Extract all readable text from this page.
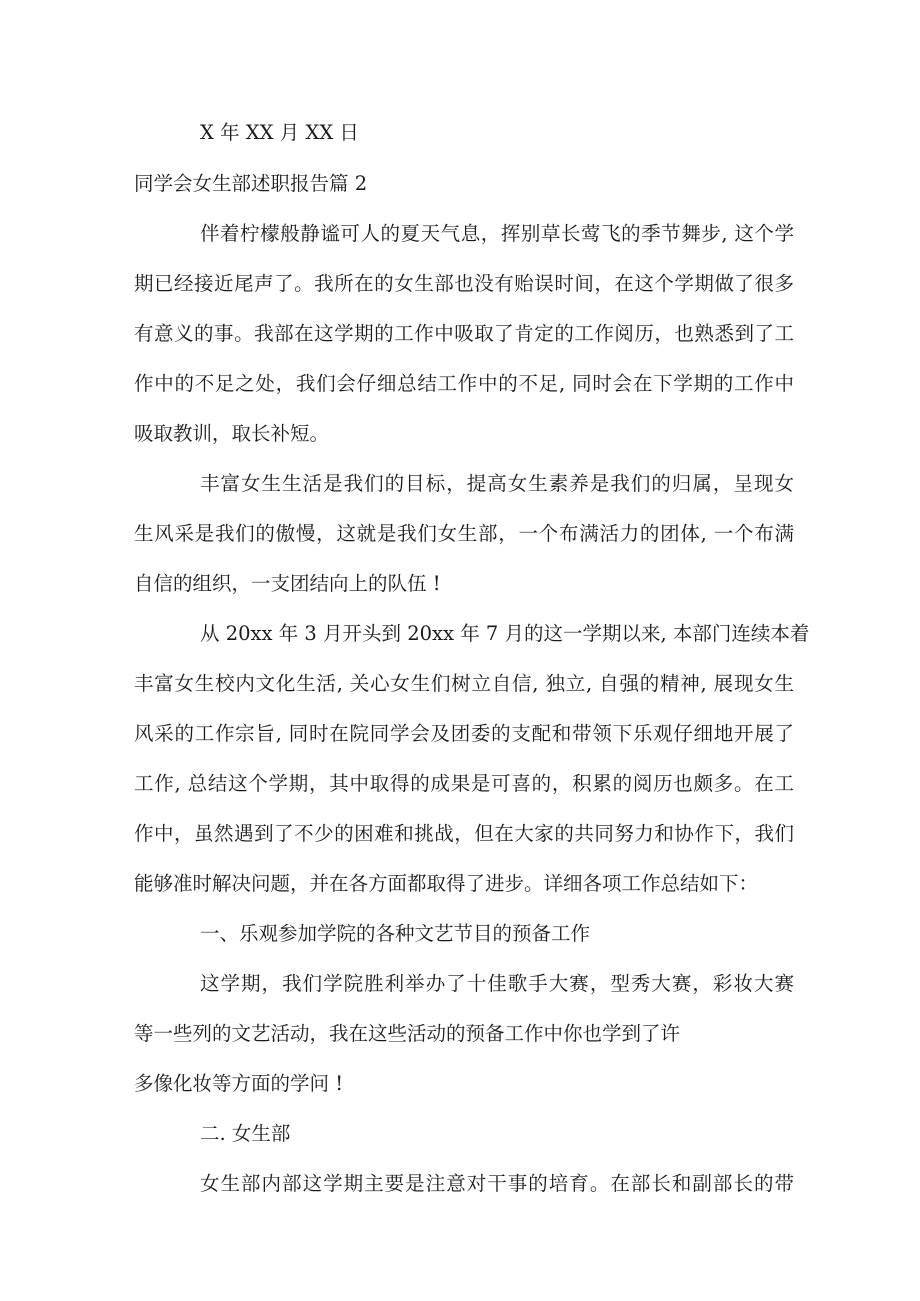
X 年 XX 月 XX 日
同学会女生部述职报告篇 2
伴着柠檬般静谧可人的夏天气息，挥别草长莺飞的季节舞步, 这个学
期已经接近尾声了。我所在的女生部也没有贻误时间，在这个学期做了很多
有意义的事。我部在这学期的工作中吸取了肯定的工作阅历，也熟悉到了工
作中的不足之处，我们会仔细总结工作中的不足, 同时会在下学期的工作中
吸取教训，取长补短。
丰富女生生活是我们的目标，提高女生素养是我们的归属，呈现女
生风采是我们的傲慢，这就是我们女生部，一个布满活力的团体, 一个布满
自信的组织，一支团结向上的队伍 !
从 20xx 年 3 月开头到 20xx 年 7 月的这一学期以来, 本部门连续本着
丰富女生校内文化生活, 关心女生们树立自信, 独立, 自强的精神, 展现女生
风采的工作宗旨, 同时在院同学会及团委的支配和带领下乐观仔细地开展了
工作, 总结这个学期，其中取得的成果是可喜的，积累的阅历也颇多。在工
作中，虽然遇到了不少的困难和挑战，但在大家的共同努力和协作下，我们
能够准时解决问题，并在各方面都取得了进步。详细各项工作总结如下：
一、乐观参加学院的各种文艺节目的预备工作
这学期，我们学院胜利举办了十佳歌手大赛，型秀大赛，彩妆大赛
等一些列的文艺活动，我在这些活动的预备工作中你也学到了许
多像化妆等方面的学问 !
二. 女生部
女生部内部这学期主要是注意对干事的培育。在部长和副部长的带
